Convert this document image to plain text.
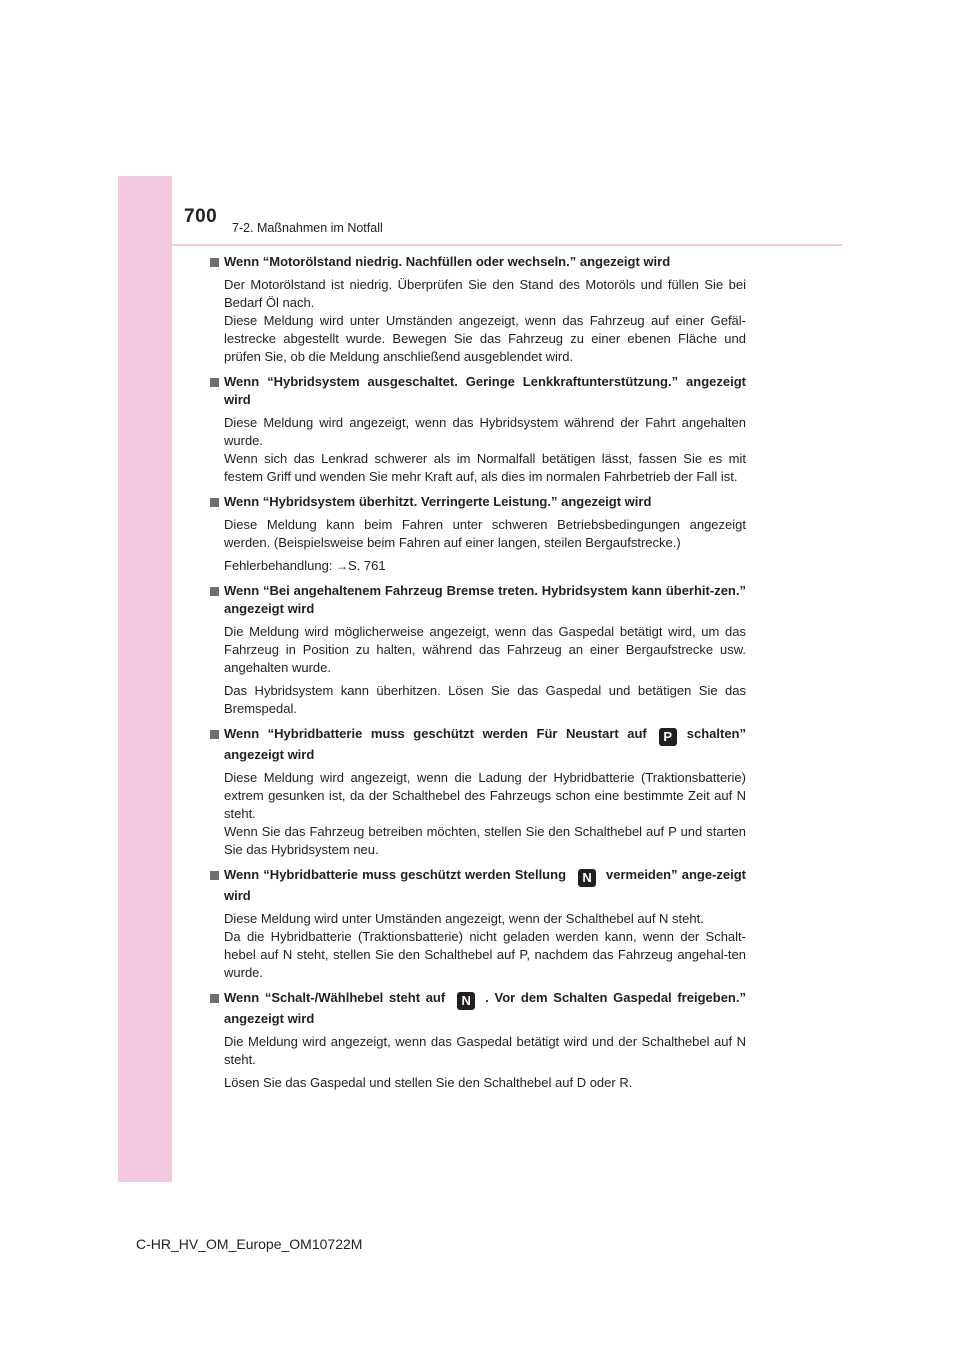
700
7-2. Maßnahmen im Notfall
Wenn “Motorölstand niedrig. Nachfüllen oder wechseln.” angezeigt wird
Der Motorölstand ist niedrig. Überprüfen Sie den Stand des Motoröls und füllen Sie bei Bedarf Öl nach.
Diese Meldung wird unter Umständen angezeigt, wenn das Fahrzeug auf einer Gefäl-lestrecke abgestellt wurde. Bewegen Sie das Fahrzeug zu einer ebenen Fläche und prüfen Sie, ob die Meldung anschließend ausgeblendet wird.
Wenn “Hybridsystem ausgeschaltet. Geringe Lenkkraftunterstützung.” angezeigt wird
Diese Meldung wird angezeigt, wenn das Hybridsystem während der Fahrt angehalten wurde.
Wenn sich das Lenkrad schwerer als im Normalfall betätigen lässt, fassen Sie es mit festem Griff und wenden Sie mehr Kraft auf, als dies im normalen Fahrbetrieb der Fall ist.
Wenn “Hybridsystem überhitzt. Verringerte Leistung.” angezeigt wird
Diese Meldung kann beim Fahren unter schweren Betriebsbedingungen angezeigt werden. (Beispielsweise beim Fahren auf einer langen, steilen Bergaufstrecke.)
Fehlerbehandlung: →S. 761
Wenn “Bei angehaltenem Fahrzeug Bremse treten. Hybridsystem kann überhit-zen.” angezeigt wird
Die Meldung wird möglicherweise angezeigt, wenn das Gaspedal betätigt wird, um das Fahrzeug in Position zu halten, während das Fahrzeug an einer Bergaufstrecke usw. angehalten wurde.
Das Hybridsystem kann überhitzen. Lösen Sie das Gaspedal und betätigen Sie das Bremspedal.
Wenn “Hybridbatterie muss geschützt werden Für Neustart auf P schalten” angezeigt wird
Diese Meldung wird angezeigt, wenn die Ladung der Hybridbatterie (Traktionsbatterie) extrem gesunken ist, da der Schalthebel des Fahrzeugs schon eine bestimmte Zeit auf N steht.
Wenn Sie das Fahrzeug betreiben möchten, stellen Sie den Schalthebel auf P und starten Sie das Hybridsystem neu.
Wenn “Hybridbatterie muss geschützt werden Stellung N vermeiden” ange-zeigt wird
Diese Meldung wird unter Umständen angezeigt, wenn der Schalthebel auf N steht.
Da die Hybridbatterie (Traktionsbatterie) nicht geladen werden kann, wenn der Schalt-hebel auf N steht, stellen Sie den Schalthebel auf P, nachdem das Fahrzeug angehal-ten wurde.
Wenn “Schalt-/Wählhebel steht auf N . Vor dem Schalten Gaspedal freigeben.” angezeigt wird
Die Meldung wird angezeigt, wenn das Gaspedal betätigt wird und der Schalthebel auf N steht.
Lösen Sie das Gaspedal und stellen Sie den Schalthebel auf D oder R.
C-HR_HV_OM_Europe_OM10722M
